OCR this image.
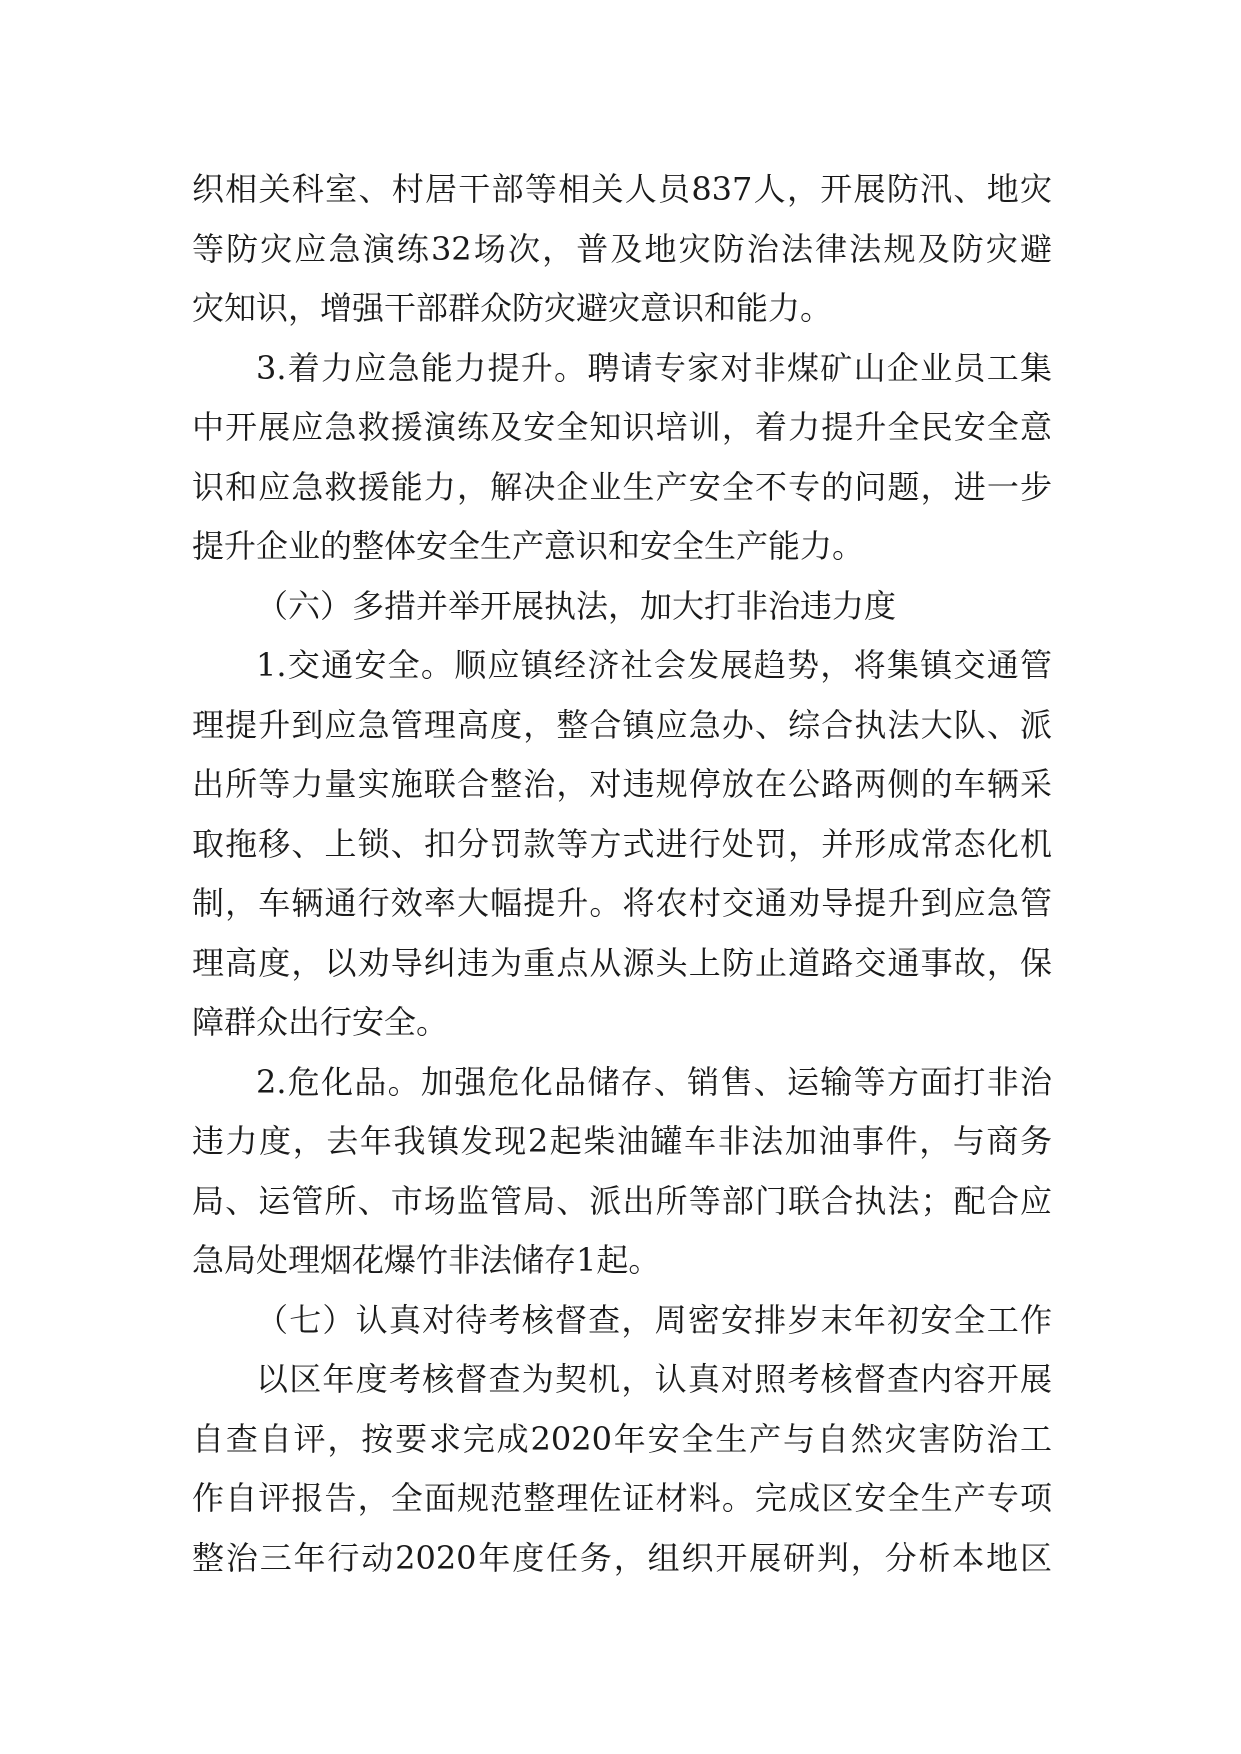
织相关科室、村居干部等相关人员837人，开展防汛、地灾
等防灾应急演练32场次，普及地灾防治法律法规及防灾避
灾知识，增强干部群众防灾避灾意识和能力。
3.着力应急能力提升。聘请专家对非煤矿山企业员工集
中开展应急救援演练及安全知识培训，着力提升全民安全意
识和应急救援能力，解决企业生产安全不专的问题，进一步
提升企业的整体安全生产意识和安全生产能力。
（六）多措并举开展执法，加大打非治违力度
1.交通安全。顺应镇经济社会发展趋势，将集镇交通管
理提升到应急管理高度，整合镇应急办、综合执法大队、派
出所等力量实施联合整治，对违规停放在公路两侧的车辆采
取拖移、上锁、扣分罚款等方式进行处罚，并形成常态化机
制，车辆通行效率大幅提升。将农村交通劝导提升到应急管
理高度，以劝导纠违为重点从源头上防止道路交通事故，保
障群众出行安全。
2.危化品。加强危化品储存、销售、运输等方面打非治
违力度，去年我镇发现2起柴油罐车非法加油事件，与商务
局、运管所、市场监管局、派出所等部门联合执法；配合应
急局处理烟花爆竹非法储存1起。
（七）认真对待考核督查，周密安排岁末年初安全工作
以区年度考核督查为契机，认真对照考核督查内容开展
自查自评，按要求完成2020年安全生产与自然灾害防治工
作自评报告，全面规范整理佐证材料。完成区安全生产专项
整治三年行动2020年度任务，组织开展研判，分析本地区
